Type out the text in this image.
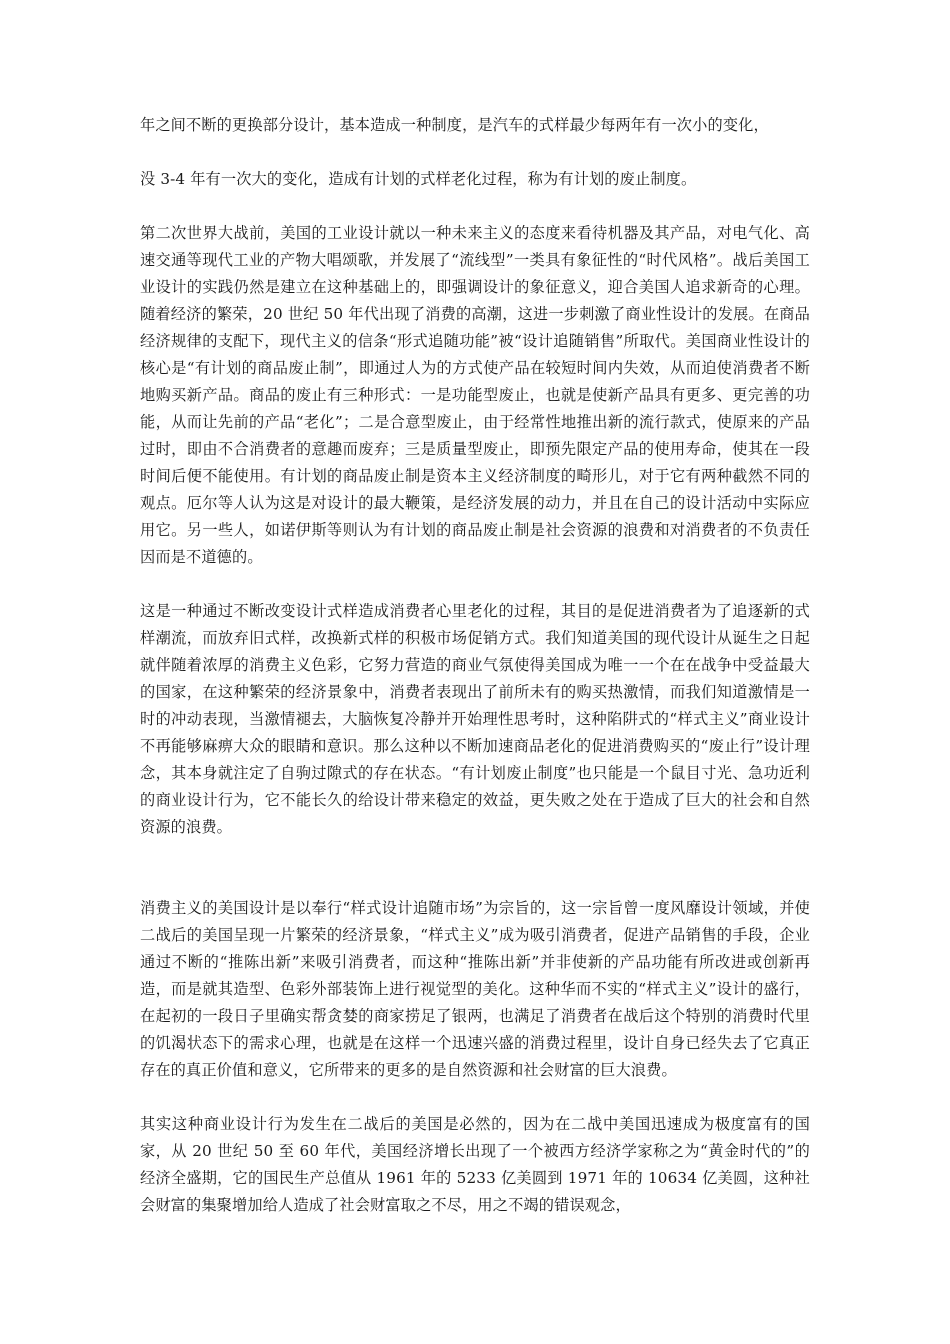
年之间不断的更换部分设计，基本造成一种制度，是汽车的式样最少每两年有一次小的变化，

没 3-4 年有一次大的变化，造成有计划的式样老化过程，称为有计划的废止制度。

第二次世界大战前，美国的工业设计就以一种未来主义的态度来看待机器及其产品，对电气化、高速交通等现代工业的产物大唱颂歌，并发展了“流线型”一类具有象征性的“时代风格”。战后美国工业设计的实践仍然是建立在这种基础上的，即强调设计的象征意义，迎合美国人追求新奇的心理。随着经济的繁荣，20 世纪 50 年代出现了消费的高潮，这进一步刺激了商业性设计的发展。在商品经济规律的支配下，现代主义的信条“形式追随功能”被“设计追随销售”所取代。美国商业性设计的核心是“有计划的商品废止制”，即通过人为的方式使产品在较短时间内失效，从而迫使消费者不断地购买新产品。商品的废止有三种形式：一是功能型废止，也就是使新产品具有更多、更完善的功能，从而让先前的产品“老化”；二是合意型废止，由于经常性地推出新的流行款式，使原来的产品过时，即由不合消费者的意趣而废弃；三是质量型废止，即预先限定产品的使用寿命，使其在一段时间后便不能使用。有计划的商品废止制是资本主义经济制度的畸形儿，对于它有两种截然不同的观点。厄尔等人认为这是对设计的最大鞭策，是经济发展的动力，并且在自己的设计活动中实际应用它。另一些人，如诺伊斯等则认为有计划的商品废止制是社会资源的浪费和对消费者的不负责任因而是不道德的。

这是一种通过不断改变设计式样造成消费者心里老化的过程，其目的是促进消费者为了追逐新的式样潮流，而放弃旧式样，改换新式样的积极市场促销方式。我们知道美国的现代设计从诞生之日起就伴随着浓厚的消费主义色彩，它努力营造的商业气氛使得美国成为唯一一个在在战争中受益最大的国家，在这种繁荣的经济景象中，消费者表现出了前所未有的购买热激情，而我们知道激情是一时的冲动表现，当激情褪去，大脑恢复冷静并开始理性思考时，这种陷阱式的“样式主义”商业设计不再能够麻痹大众的眼睛和意识。那么这种以不断加速商品老化的促进消费购买的“废止行”设计理念，其本身就注定了自驹过隙式的存在状态。“有计划废止制度”也只能是一个鼠目寸光、急功近利的商业设计行为，它不能长久的给设计带来稳定的效益，更失败之处在于造成了巨大的社会和自然资源的浪费。

消费主义的美国设计是以奉行“样式设计追随市场”为宗旨的，这一宗旨曾一度风靡设计领域，并使二战后的美国呈现一片繁荣的经济景象，“样式主义”成为吸引消费者，促进产品销售的手段，企业通过不断的“推陈出新”来吸引消费者，而这种“推陈出新”并非使新的产品功能有所改进或创新再造，而是就其造型、色彩外部装饰上进行视觉型的美化。这种华而不实的“样式主义”设计的盛行，在起初的一段日子里确实帮贪婪的商家捞足了银两，也满足了消费者在战后这个特别的消费时代里的饥渴状态下的需求心理，也就是在这样一个迅速兴盛的消费过程里，设计自身已经失去了它真正存在的真正价值和意义，它所带来的更多的是自然资源和社会财富的巨大浪费。

其实这种商业设计行为发生在二战后的美国是必然的，因为在二战中美国迅速成为极度富有的国家，从 20 世纪 50 至 60 年代，美国经济增长出现了一个被西方经济学家称之为“黄金时代的”的经济全盛期，它的国民生产总值从 1961 年的 5233 亿美圆到 1971 年的 10634 亿美圆，这种社会财富的集聚增加给人造成了社会财富取之不尽，用之不竭的错误观念，
